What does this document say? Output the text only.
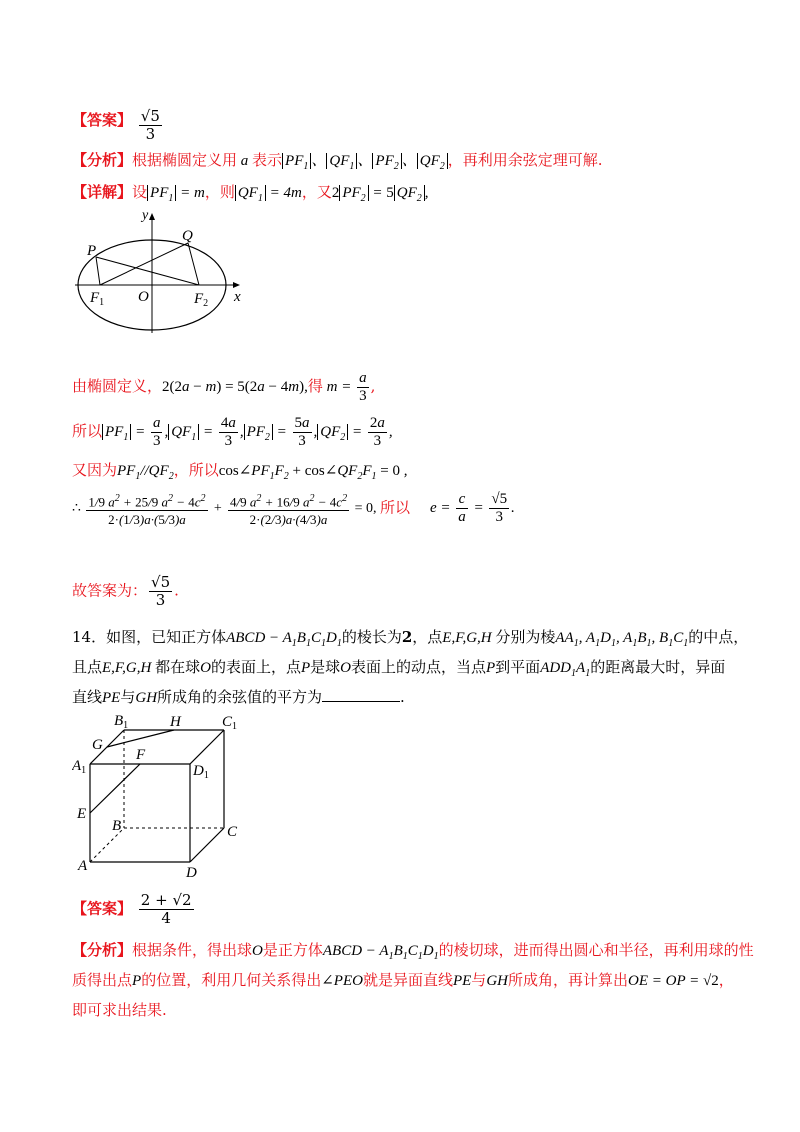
【答案】 $\frac{√5}{3}$
【分析】根据椭圆定义用 a 表示 $PF_1$ 、 $QF_1$ 、 $PF_2$ 、 $QF_2$ ，再利用余弦定理可解.
【详解】设 $PF_1 = m$，则 $QF_1 = 4m$，又2 $PF_2 = 5$ $QF_2$ ,
y
P
Q
$F_1$ O	$F_2$ x
由椭圆定义，2(2a − m) = 5(2a − 4m),得 $m = \frac{a}{3}$ ,
所以 $PF_1 = \frac{a}{3}$ , $QF_1 = \frac{4a}{3}$ , $PF_2 = \frac{5a}{3}$ , $QF_2 = \frac{2a}{3}$ ,
又因为$PF_1//QF_2$，所以$\cos\angle PF_1F_2$ + $\cos\angle QF_2F_1 = 0$ ,
∴ $\frac{1/9 a^2 + 25/9 a^2 - 4c^2}{2\cdot(1/3)a\cdot(5/3)a} + \frac{4/9 a^2 + 16/9 a^2 - 4c^2}{2\cdot(2/3)a\cdot(4/3)a} = 0$, 所以 $e = \frac{c}{a} = \frac{√5}{3}$ .
故答案为： $\frac{√5}{3}$ .
14．如图，已知正方体ABCD − $A_1B_1C_1D_1$的棱长为2，点E,F,G,H 分别为棱$AA_1$, $A_1D_1$, $A_1B_1$, $B_1C_1$的中点，
且点E,F,G,H 都在球O的表面上，点P是球O表面上的动点，当点P到平面$ADD_1A_1$的距离最大时，异面
直线PE与GH所成角的余弦值的平方为	.
$B_1$	H	$C_1$
G
F
$A_1$	$D_1$
E
B	C
A	D
【答案】 $\frac{2 + √2}{4}$
【分析】根据条件，得出球O是正方体ABCD − $A_1B_1C_1D_1$的棱切球，进而得出圆心和半径，再利用球的性
质得出点P的位置，利用几何关系得出∠PEO就是异面直线PE与GH所成角，再计算出OE = OP = √2，
即可求出结果.
